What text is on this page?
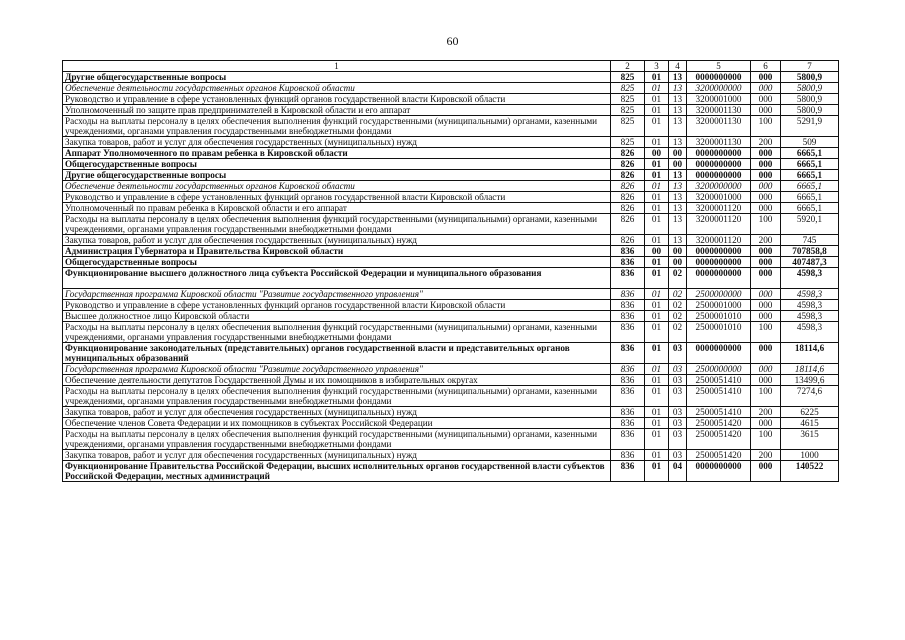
60
1	2	3	4	5	6	7
Другие общегосударственные вопросы	825	01	13	0000000000	000	5800,9
Обеспечение деятельности государственных органов Кировской области	825	01	13	3200000000	000	5800,9
Руководство и управление в сфере установленных функций органов государственной власти Кировской области	825	01	13	3200001000	000	5800,9
Уполномоченный по защите прав предпринимателей в Кировской области и его аппарат	825	01	13	3200001130	000	5800,9
Расходы на выплаты персоналу в целях обеспечения выполнения функций государственными (муниципальными) органами, казенными учреждениями, органами управления государственными внебюджетными фондами	825	01	13	3200001130	100	5291,9
Закупка товаров, работ и услуг для обеспечения государственных (муниципальных) нужд	825	01	13	3200001130	200	509
Аппарат Уполномоченного по правам ребенка в Кировской области	826	00	00	0000000000	000	6665,1
Общегосударственные вопросы	826	01	00	0000000000	000	6665,1
Другие общегосударственные вопросы	826	01	13	0000000000	000	6665,1
Обеспечение деятельности государственных органов Кировской области	826	01	13	3200000000	000	6665,1
Руководство и управление в сфере установленных функций органов государственной власти Кировской области	826	01	13	3200001000	000	6665,1
Уполномоченный по правам ребенка в Кировской области и его аппарат	826	01	13	3200001120	000	6665,1
Расходы на выплаты персоналу в целях обеспечения выполнения функций государственными (муниципальными) органами, казенными учреждениями, органами управления государственными внебюджетными фондами	826	01	13	3200001120	100	5920,1
Закупка товаров, работ и услуг для обеспечения государственных (муниципальных) нужд	826	01	13	3200001120	200	745
Администрация Губернатора и Правительства Кировской области	836	00	00	0000000000	000	707858,8
Общегосударственные вопросы	836	01	00	0000000000	000	407487,3
Функционирование высшего должностного лица субъекта Российской Федерации и муниципального образования	836	01	02	0000000000	000	4598,3
Государственная программа Кировской области "Развитие государственного управления"	836	01	02	2500000000	000	4598,3
Руководство и управление в сфере установленных функций органов государственной власти Кировской области	836	01	02	2500001000	000	4598,3
Высшее должностное лицо Кировской области	836	01	02	2500001010	000	4598,3
Расходы на выплаты персоналу в целях обеспечения выполнения функций государственными (муниципальными) органами, казенными учреждениями, органами управления государственными внебюджетными фондами	836	01	02	2500001010	100	4598,3
Функционирование законодательных (представительных) органов государственной власти и представительных органов муниципальных образований	836	01	03	0000000000	000	18114,6
Государственная программа Кировской области "Развитие государственного управления"	836	01	03	2500000000	000	18114,6
Обеспечение деятельности депутатов Государственной Думы и их помощников в избирательных округах	836	01	03	2500051410	000	13499,6
Расходы на выплаты персоналу в целях обеспечения выполнения функций государственными (муниципальными) органами, казенными учреждениями, органами управления государственными внебюджетными фондами	836	01	03	2500051410	100	7274,6
Закупка товаров, работ и услуг для обеспечения государственных (муниципальных) нужд	836	01	03	2500051410	200	6225
Обеспечение членов Совета Федерации и их помощников в субъектах Российской Федерации	836	01	03	2500051420	000	4615
Расходы на выплаты персоналу в целях обеспечения выполнения функций государственными (муниципальными) органами, казенными учреждениями, органами управления государственными внебюджетными фондами	836	01	03	2500051420	100	3615
Закупка товаров, работ и услуг для обеспечения государственных (муниципальных) нужд	836	01	03	2500051420	200	1000
Функционирование Правительства Российской Федерации, высших исполнительных органов государственной власти субъектов Российской Федерации, местных администраций	836	01	04	0000000000	000	140522
